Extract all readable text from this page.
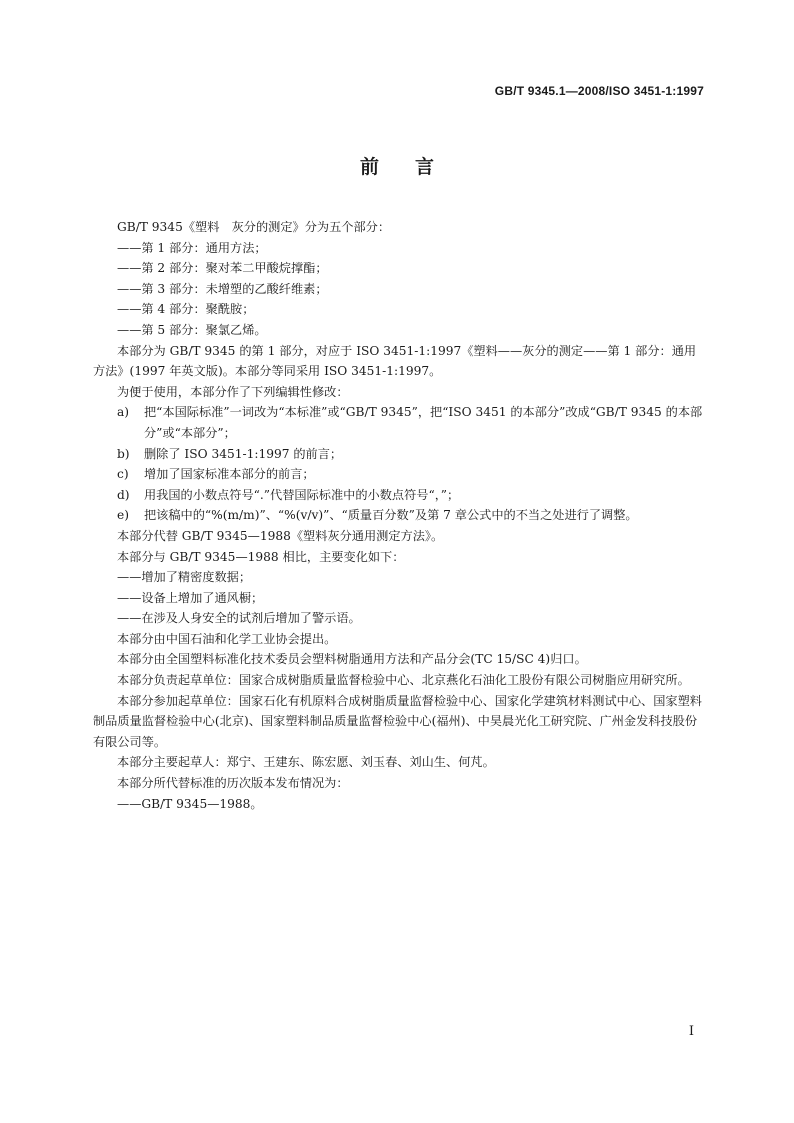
GB/T 9345.1—2008/ISO 3451-1:1997
前言

GB/T 9345《塑料　灰分的测定》分为五个部分：

——第 1 部分：通用方法；

——第 2 部分：聚对苯二甲酸烷撑酯；

——第 3 部分：未增塑的乙酸纤维素；

——第 4 部分：聚酰胺；

——第 5 部分：聚氯乙烯。

本部分为 GB/T 9345 的第 1 部分，对应于 ISO 3451-1:1997《塑料——灰分的测定——第 1 部分：通用方法》(1997 年英文版)。本部分等同采用 ISO 3451-1:1997。

为便于使用，本部分作了下列编辑性修改：

a)	把“本国际标准”一词改为“本标准”或“GB/T 9345”，把“ISO 3451 的本部分”改成“GB/T 9345 的本部分”或“本部分”；
b)	删除了 ISO 3451-1:1997 的前言；
c)	增加了国家标准本部分的前言；
d)	用我国的小数点符号“.”代替国际标准中的小数点符号“，”；
e)	把该稿中的“%(m/m)”、“%(v/v)”、“质量百分数”及第 7 章公式中的不当之处进行了调整。

本部分代替 GB/T 9345—1988《塑料灰分通用测定方法》。

本部分与 GB/T 9345—1988 相比，主要变化如下：

——增加了精密度数据；

——设备上增加了通风橱；

——在涉及人身安全的试剂后增加了警示语。

本部分由中国石油和化学工业协会提出。

本部分由全国塑料标准化技术委员会塑料树脂通用方法和产品分会(TC 15/SC 4)归口。

本部分负责起草单位：国家合成树脂质量监督检验中心、北京燕化石油化工股份有限公司树脂应用研究所。

本部分参加起草单位：国家石化有机原料合成树脂质量监督检验中心、国家化学建筑材料测试中心、国家塑料制品质量监督检验中心(北京)、国家塑料制品质量监督检验中心(福州)、中昊晨光化工研究院、广州金发科技股份有限公司等。

本部分主要起草人：郑宁、王建东、陈宏愿、刘玉春、刘山生、何芃。

本部分所代替标准的历次版本发布情况为：

——GB/T 9345—1988。

I
